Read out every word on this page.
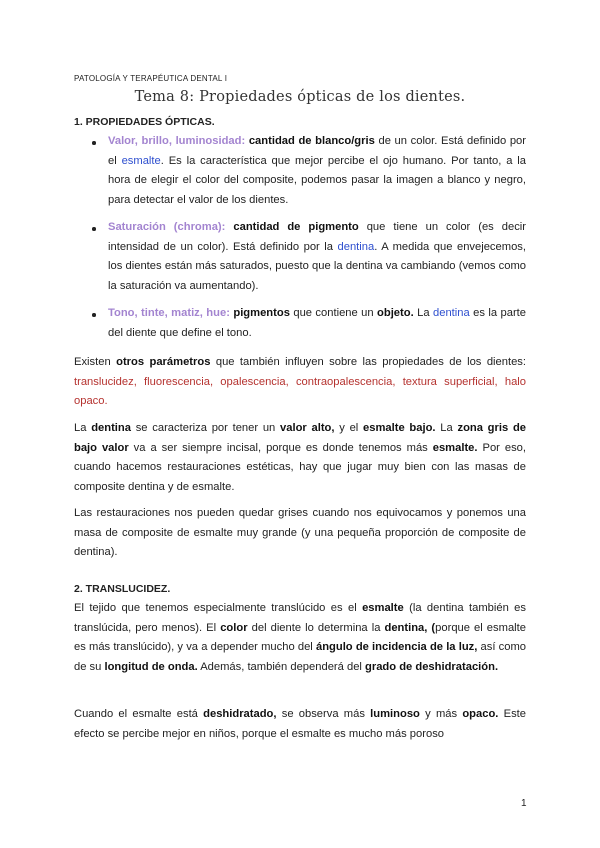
PATOLOGÍA Y TERAPÉUTICA DENTAL I
Tema 8: Propiedades ópticas de los dientes.
1. PROPIEDADES ÓPTICAS.

Valor, brillo, luminosidad: cantidad de blanco/gris de un color. Está definido por el esmalte. Es la característica que mejor percibe el ojo humano. Por tanto, a la hora de elegir el color del composite, podemos pasar la imagen a blanco y negro, para detectar el valor de los dientes.

Saturación (chroma): cantidad de pigmento que tiene un color (es decir intensidad de un color). Está definido por la dentina. A medida que envejecemos, los dientes están más saturados, puesto que la dentina va cambiando (vemos como la saturación va aumentando).

Tono, tinte, matiz, hue: pigmentos que contiene un objeto. La dentina es la parte del diente que define el tono.

Existen otros parámetros que también influyen sobre las propiedades de los dientes: translucidez, fluorescencia, opalescencia, contraopalescencia, textura superficial, halo opaco.

La dentina se caracteriza por tener un valor alto, y el esmalte bajo. La zona gris de bajo valor va a ser siempre incisal, porque es donde tenemos más esmalte. Por eso, cuando hacemos restauraciones estéticas, hay que jugar muy bien con las masas de composite dentina y de esmalte.

Las restauraciones nos pueden quedar grises cuando nos equivocamos y ponemos una masa de composite de esmalte muy grande (y una pequeña proporción de composite de dentina).

2. TRANSLUCIDEZ.

El tejido que tenemos especialmente translúcido es el esmalte (la dentina también es translúcida, pero menos). El color del diente lo determina la dentina, (porque el esmalte es más translúcido), y va a depender mucho del ángulo de incidencia de la luz, así como de su longitud de onda. Además, también dependerá del grado de deshidratación.

Cuando el esmalte está deshidratado, se observa más luminoso y más opaco. Este efecto se percibe mejor en niños, porque el esmalte es mucho más poroso

1
